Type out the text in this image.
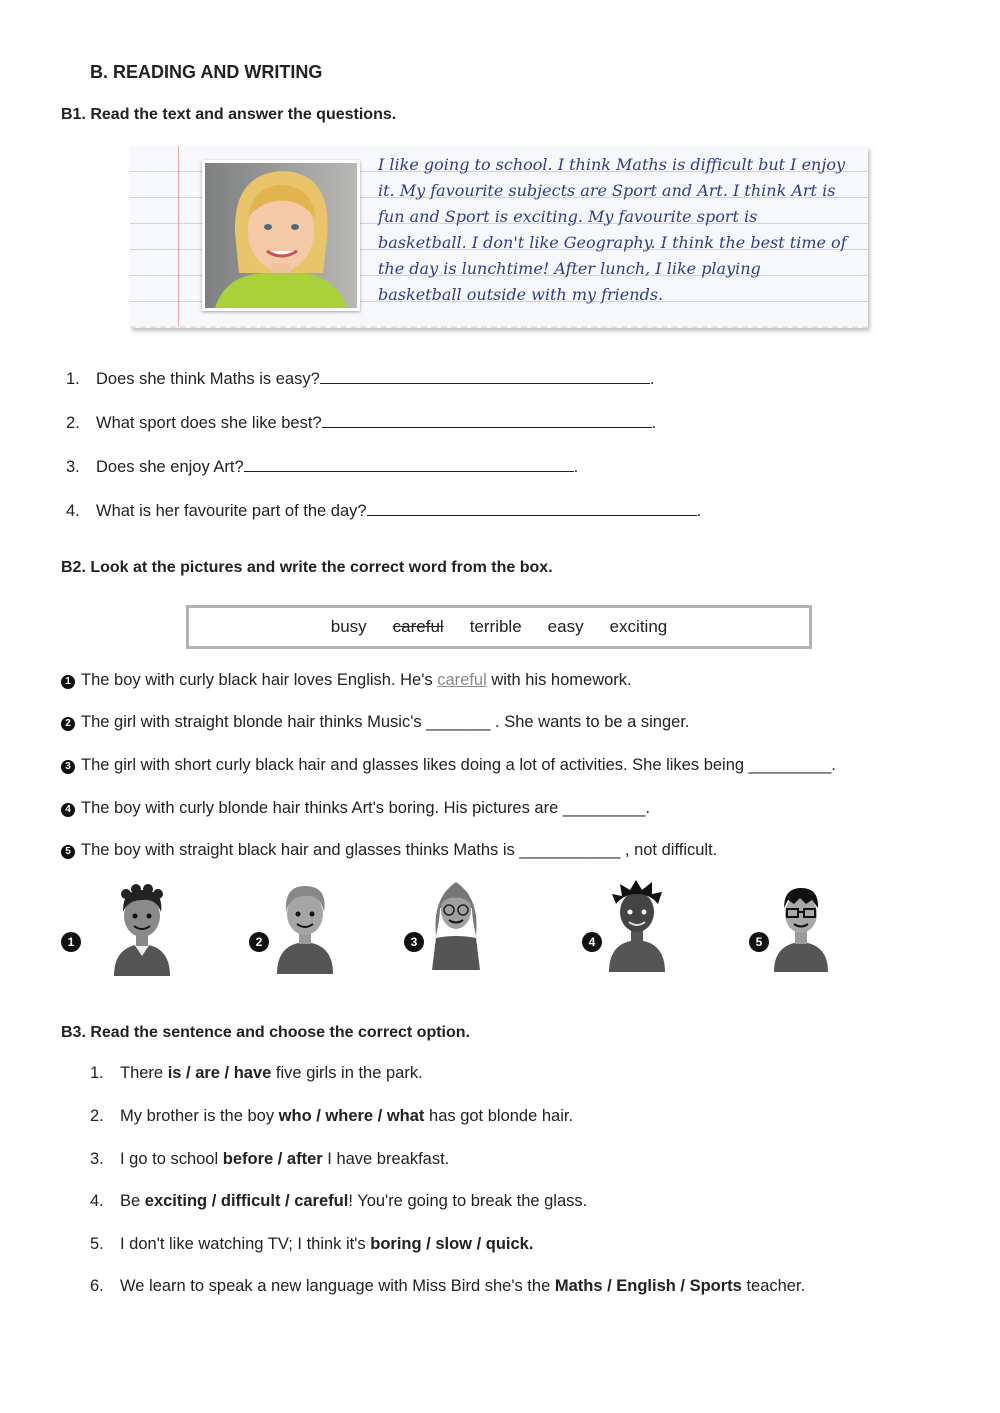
B. READING AND WRITING
B1. Read the text and answer the questions.
I like going to school. I think Maths is difficult but I enjoy it. My favourite subjects are Sport and Art. I think Art is fun and Sport is exciting. My favourite sport is basketball. I don't like Geography. I think the best time of the day is lunchtime! After lunch, I like playing basketball outside with my friends.
1. Does she think Maths is easy?	.
2. What sport does she like best?	.
3. Does she enjoy Art?	.
4. What is her favourite part of the day?	.
B2. Look at the pictures and write the correct word from the box.
busy careful terrible easy exciting
1 The boy with curly black hair loves English. He's careful with his homework.
2 The girl with straight blonde hair thinks Music's _______ . She wants to be a singer.
3 The girl with short curly black hair and glasses likes doing a lot of activities. She likes being _________.
4 The boy with curly blonde hair thinks Art's boring. His pictures are _________.
5 The boy with straight black hair and glasses thinks Maths is ___________ , not difficult.
1	2	3	4	5
B3. Read the sentence and choose the correct option.
1. There is / are / have five girls in the park.
2. My brother is the boy who / where / what has got blonde hair.
3. I go to school before / after I have breakfast.
4. Be exciting / difficult / careful! You're going to break the glass.
5. I don't like watching TV; I think it's boring / slow / quick.
6. We learn to speak a new language with Miss Bird she's the Maths / English / Sports teacher.
